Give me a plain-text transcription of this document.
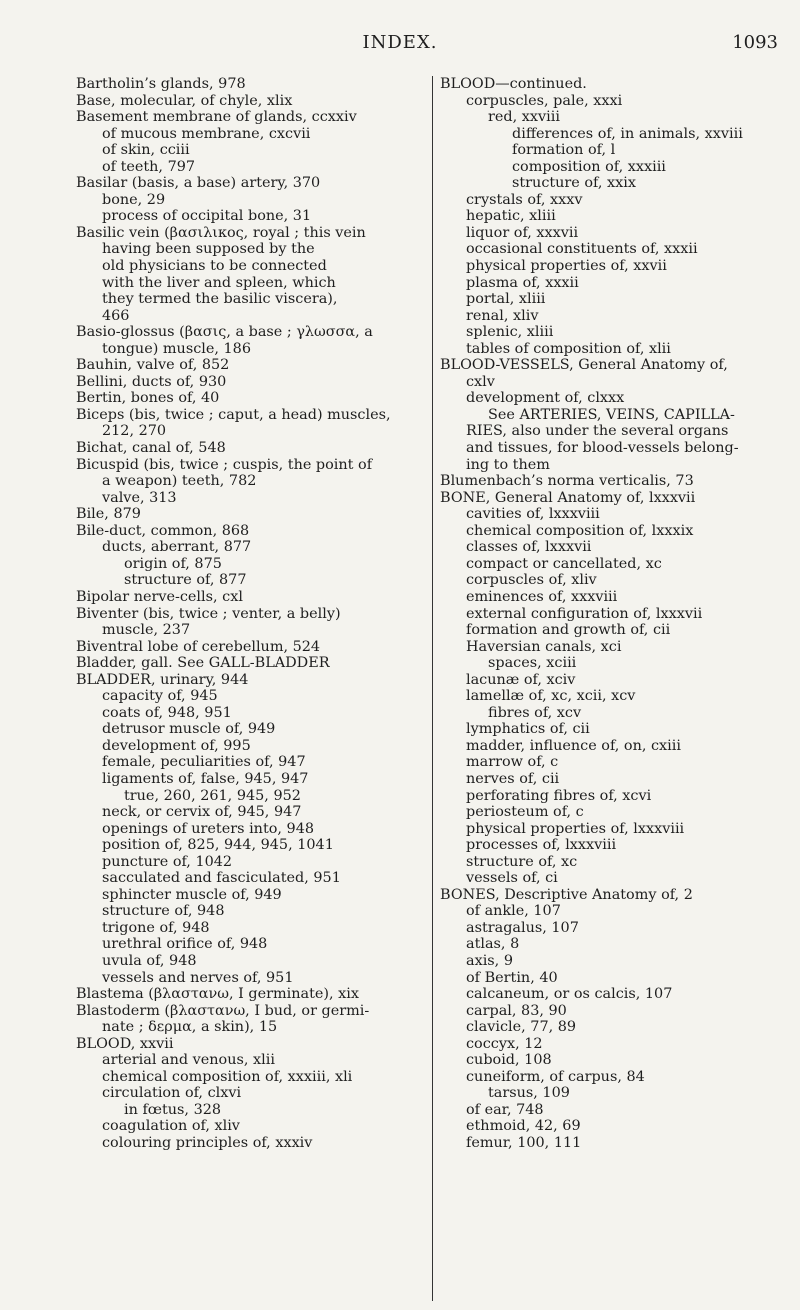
INDEX.	1093
Bartholin’s glands, 978
Base, molecular, of chyle, xlix
Basement membrane of glands, ccxxiv
of mucous membrane, cxcvii
of skin, cciii
of teeth, 797
Basilar (basis, a base) artery, 370
bone, 29
process of occipital bone, 31
Basilic vein (βασιλικος, royal ; this vein
having been supposed by the
old physicians to be connected
with the liver and spleen, which
they termed the basilic viscera),
466
Basio-glossus (βασις, a base ; γλωσσα, a
tongue) muscle, 186
Bauhin, valve of, 852
Bellini, ducts of, 930
Bertin, bones of, 40
Biceps (bis, twice ; caput, a head) muscles,
212, 270
Bichat, canal of, 548
Bicuspid (bis, twice ; cuspis, the point of
a weapon) teeth, 782
valve, 313
Bile, 879
Bile-duct, common, 868
ducts, aberrant, 877
origin of, 875
structure of, 877
Bipolar nerve-cells, cxl
Biventer (bis, twice ; venter, a belly)
muscle, 237
Biventral lobe of cerebellum, 524
Bladder, gall. See GALL-BLADDER
BLADDER, urinary, 944
capacity of, 945
coats of, 948, 951
detrusor muscle of, 949
development of, 995
female, peculiarities of, 947
ligaments of, false, 945, 947
true, 260, 261, 945, 952
neck, or cervix of, 945, 947
openings of ureters into, 948
position of, 825, 944, 945, 1041
puncture of, 1042
sacculated and fasciculated, 951
sphincter muscle of, 949
structure of, 948
trigone of, 948
urethral orifice of, 948
uvula of, 948
vessels and nerves of, 951
Blastema (βλαστανω, I germinate), xix
Blastoderm (βλαστανω, I bud, or germi-
nate ; δερμα, a skin), 15
BLOOD, xxvii
arterial and venous, xlii
chemical composition of, xxxiii, xli
circulation of, clxvi
in fœtus, 328
coagulation of, xliv
colouring principles of, xxxiv
BLOOD—continued.
corpuscles, pale, xxxi
red, xxviii
differences of, in animals, xxviii
formation of, l
composition of, xxxiii
structure of, xxix
crystals of, xxxv
hepatic, xliii
liquor of, xxxvii
occasional constituents of, xxxii
physical properties of, xxvii
plasma of, xxxii
portal, xliii
renal, xliv
splenic, xliii
tables of composition of, xlii
BLOOD-VESSELS, General Anatomy of,
cxlv
development of, clxxx
See ARTERIES, VEINS, CAPILLA-
RIES, also under the several organs
and tissues, for blood-vessels belong-
ing to them
Blumenbach’s norma verticalis, 73
BONE, General Anatomy of, lxxxvii
cavities of, lxxxviii
chemical composition of, lxxxix
classes of, lxxxvii
compact or cancellated, xc
corpuscles of, xliv
eminences of, xxxviii
external configuration of, lxxxvii
formation and growth of, cii
Haversian canals, xci
spaces, xciii
lacunæ of, xciv
lamellæ of, xc, xcii, xcv
fibres of, xcv
lymphatics of, cii
madder, influence of, on, cxiii
marrow of, c
nerves of, cii
perforating fibres of, xcvi
periosteum of, c
physical properties of, lxxxviii
processes of, lxxxviii
structure of, xc
vessels of, ci
BONES, Descriptive Anatomy of, 2
of ankle, 107
astragalus, 107
atlas, 8
axis, 9
of Bertin, 40
calcaneum, or os calcis, 107
carpal, 83, 90
clavicle, 77, 89
coccyx, 12
cuboid, 108
cuneiform, of carpus, 84
tarsus, 109
of ear, 748
ethmoid, 42, 69
femur, 100, 111
